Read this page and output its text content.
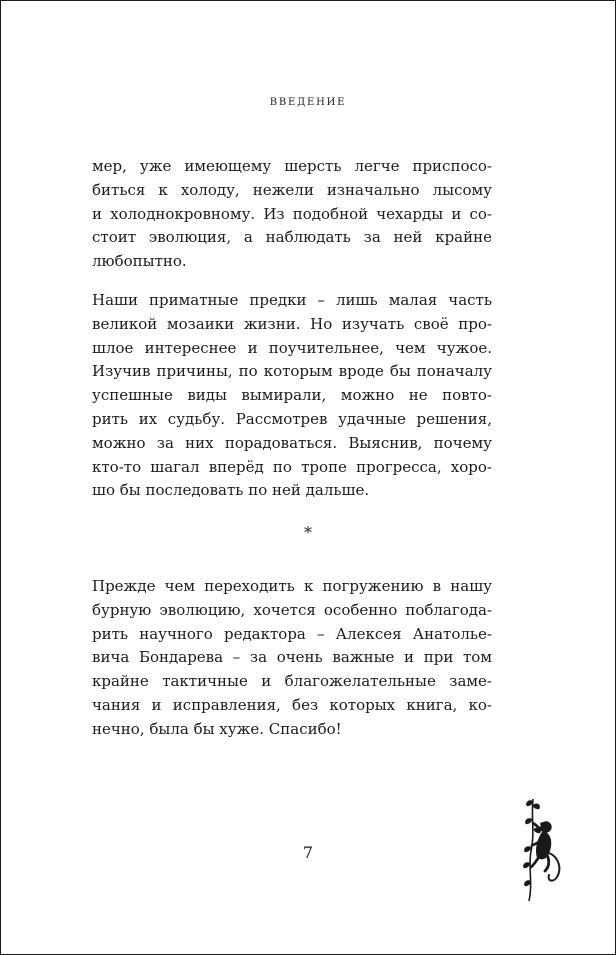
ВВЕДЕНИЕ
мер, уже имеющему шерсть легче приспосо-
биться к холоду, нежели изначально лысому
и холоднокровному. Из подобной чехарды и со-
стоит эволюция, а наблюдать за ней крайне
любопытно.
Наши приматные предки – лишь малая часть
великой мозаики жизни. Но изучать своё про-
шлое интереснее и поучительнее, чем чужое.
Изучив причины, по которым вроде бы поначалу
успешные виды вымирали, можно не повто-
рить их судьбу. Рассмотрев удачные решения,
можно за них порадоваться. Выяснив, почему
кто-то шагал вперёд по тропе прогресса, хоро-
шо бы последовать по ней дальше.
*
Прежде чем переходить к погружению в нашу
бурную эволюцию, хочется особенно поблагода-
рить научного редактора – Алексея Анатолье-
вича Бондарева – за очень важные и при том
крайне тактичные и благожелательные заме-
чания и исправления, без которых книга, ко-
нечно, была бы хуже. Спасибо!
7
